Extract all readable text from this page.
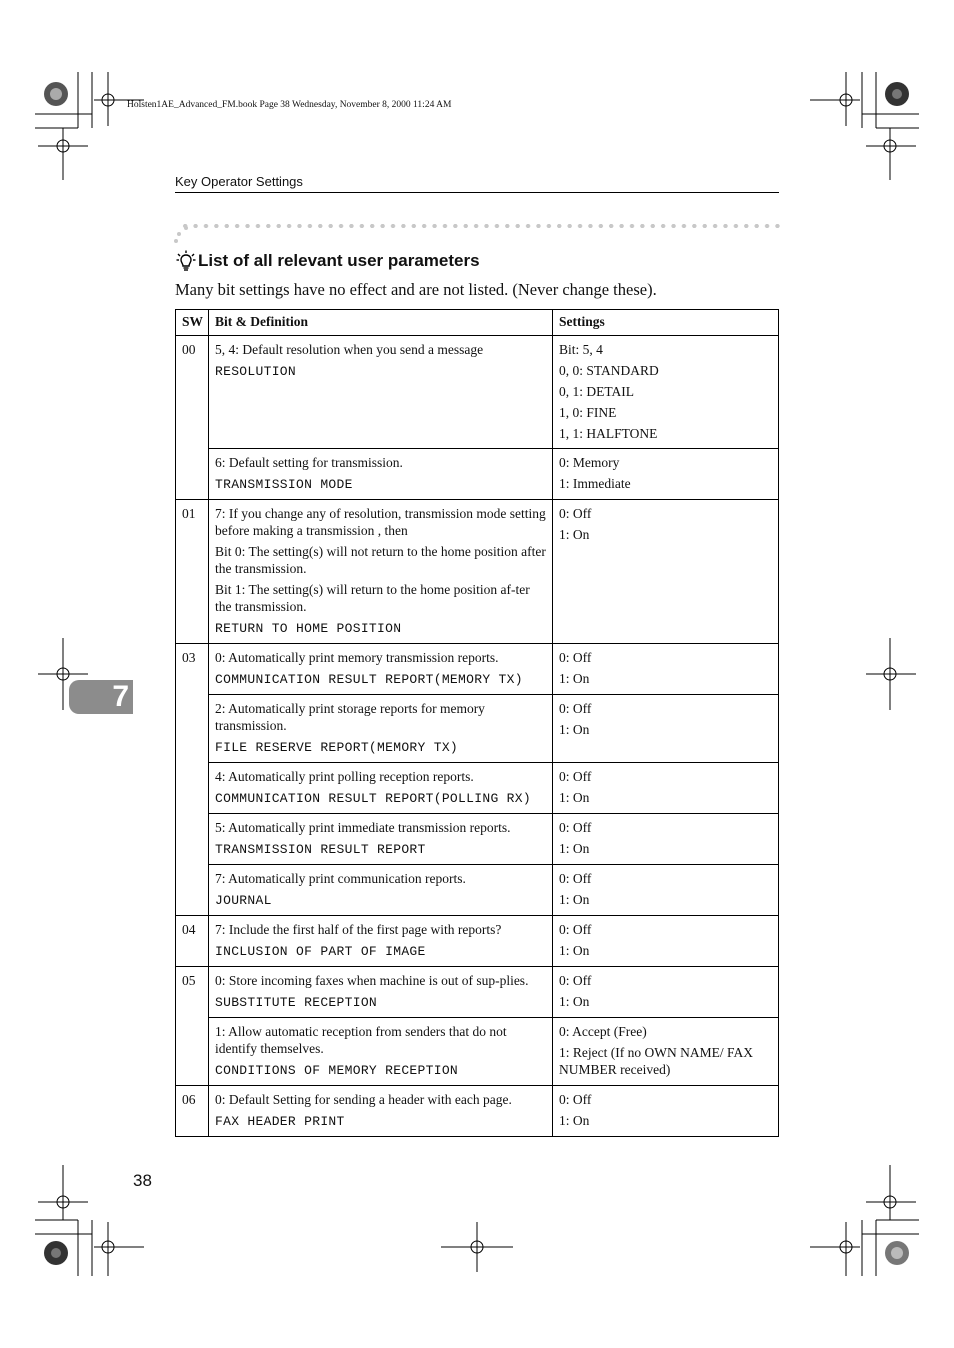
Holsten1AE_Advanced_FM.book Page 38 Wednesday, November 8, 2000 11:24 AM
Key Operator Settings
List of all relevant user parameters
Many bit settings have no effect and are not listed. (Never change these).
SW	Bit & Definition	Settings
00	5, 4: Default resolution when you send a message
RESOLUTION	Bit: 5, 4
0, 0: STANDARD
0, 1: DETAIL
1, 0: FINE
1, 1: HALFTONE

	6: Default setting for transmission.
TRANSMISSION MODE	0: Memory
1: Immediate

01	7: If you change any of resolution, transmission mode setting before making a transmission , then
Bit 0: The setting(s) will not return to the home position after the transmission.
Bit 1: The setting(s) will return to the home position af-ter the transmission.
RETURN TO HOME POSITION	0: Off
1: On

03	0: Automatically print memory transmission reports.
COMMUNICATION RESULT REPORT(MEMORY TX)	0: Off
1: On

	2: Automatically print storage reports for memory transmission.
FILE RESERVE REPORT(MEMORY TX)	0: Off
1: On

	4: Automatically print polling reception reports.
COMMUNICATION RESULT REPORT(POLLING RX)	0: Off
1: On

	5: Automatically print immediate transmission reports.
TRANSMISSION RESULT REPORT	0: Off
1: On

	7: Automatically print communication reports.
JOURNAL	0: Off
1: On

04	7: Include the first half of the first page with reports?
INCLUSION OF PART OF IMAGE	0: Off
1: On

05	0: Store incoming faxes when machine is out of sup-plies.
SUBSTITUTE RECEPTION	0: Off
1: On

	1: Allow automatic reception from senders that do not identify themselves.
CONDITIONS OF MEMORY RECEPTION	0: Accept (Free)
1: Reject (If no OWN NAME/ FAX NUMBER received)

06	0: Default Setting for sending a header with each page.
FAX HEADER PRINT	0: Off
1: On
7
38
